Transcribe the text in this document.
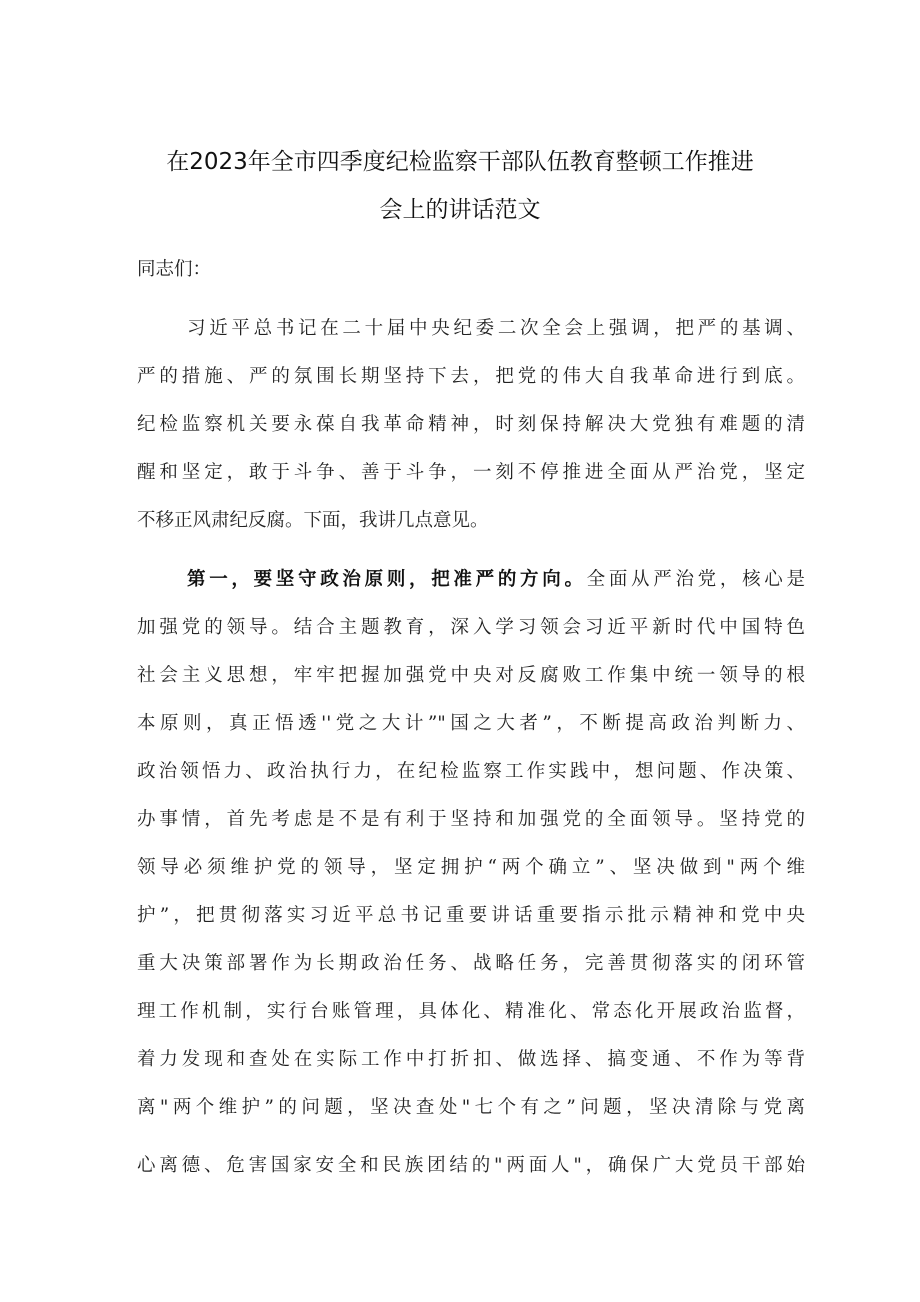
在2023年全市四季度纪检监察干部队伍教育整顿工作推进
会上的讲话范文
同志们：
习近平总书记在二十届中央纪委二次全会上强调，把严的基调、
严的措施、严的氛围长期坚持下去，把党的伟大自我革命进行到底。
纪检监察机关要永葆自我革命精神，时刻保持解决大党独有难题的清
醒和坚定，敢于斗争、善于斗争，一刻不停推进全面从严治党，坚定
不移正风肃纪反腐。下面，我讲几点意见。
第一，要坚守政治原则，把准严的方向。全面从严治党，核心是
加强党的领导。结合主题教育，深入学习领会习近平新时代中国特色
社会主义思想，牢牢把握加强党中央对反腐败工作集中统一领导的根
本原则，真正悟透''党之大计”"国之大者”，不断提高政治判断力、
政治领悟力、政治执行力，在纪检监察工作实践中，想问题、作决策、
办事情，首先考虑是不是有利于坚持和加强党的全面领导。坚持党的
领导必须维护党的领导，坚定拥护“两个确立”、坚决做到"两个维
护”，把贯彻落实习近平总书记重要讲话重要指示批示精神和党中央
重大决策部署作为长期政治任务、战略任务，完善贯彻落实的闭环管
理工作机制，实行台账管理，具体化、精准化、常态化开展政治监督，
着力发现和查处在实际工作中打折扣、做选择、搞变通、不作为等背
离"两个维护”的问题，坚决查处"七个有之”问题，坚决清除与党离
心离德、危害国家安全和民族团结的"两面人"，确保广大党员干部始
